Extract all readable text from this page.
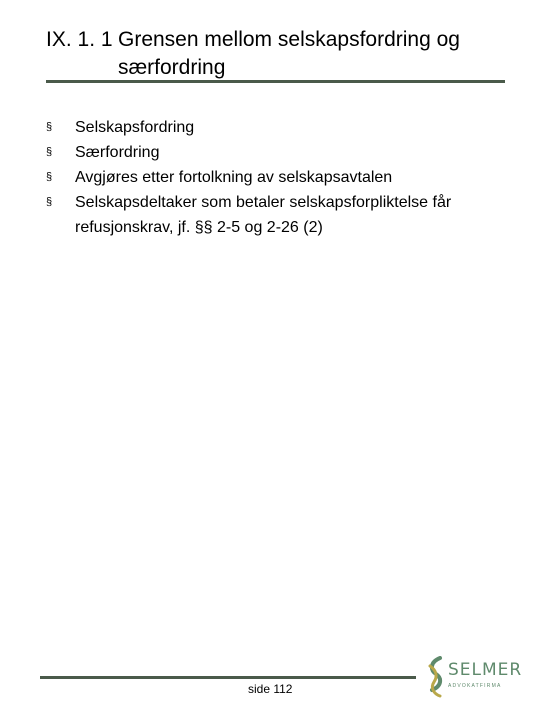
IX. 1. 1 Grensen mellom selskapsfordring og særfordring
§ Selskapsfordring
§ Særfordring
§ Avgjøres etter fortolkning av selskapsavtalen
§ Selskapsdeltaker som betaler selskapsforpliktelse får refusjonskrav, jf. §§ 2-5 og 2-26 (2)
side 112
SELMER
ADVOKATFIRMA
